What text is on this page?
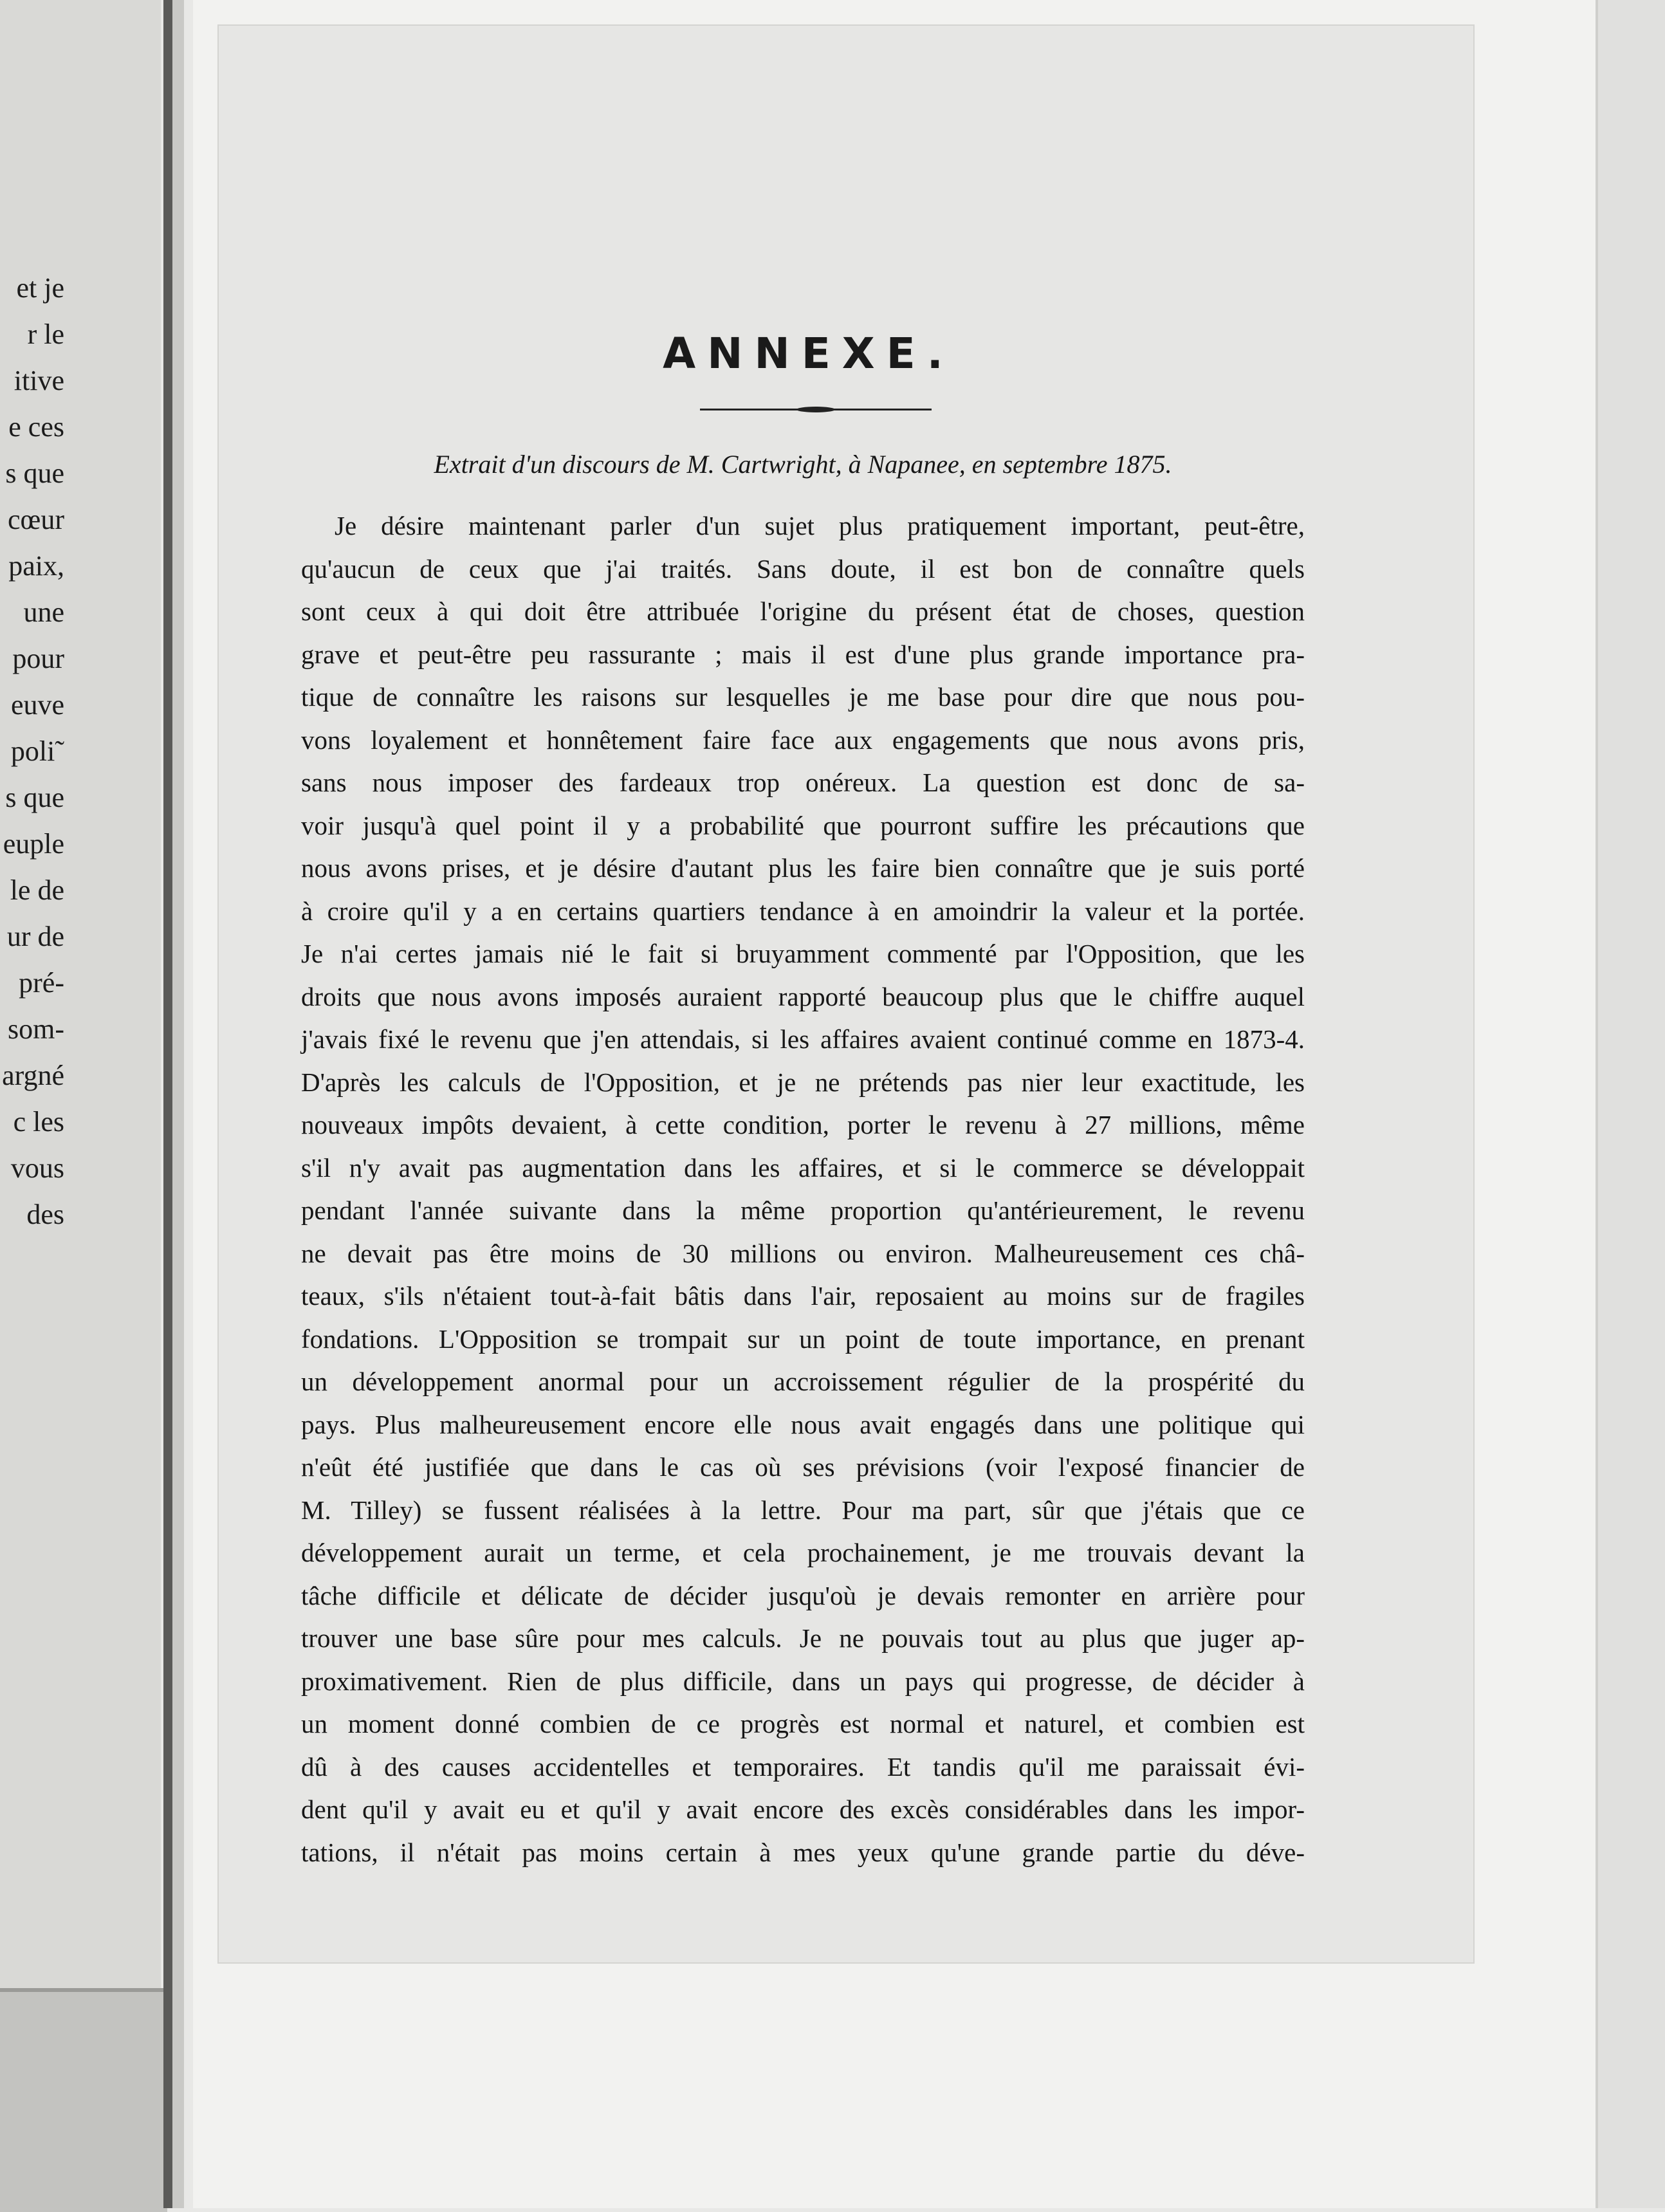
et je
r le
itive
e ces
s que
cœur
paix,
une
pour
euve
poli˜
s que
euple
le de
ur de
pré-
som-
argné
c les
vous
des
ANNEXE.
Extrait d'un discours de M. Cartwright, à Napanee, en septembre 1875.
Je désire maintenant parler d'un sujet plus pratiquement important, peut-être,
qu'aucun de ceux que j'ai traités. Sans doute, il est bon de connaître quels
sont ceux à qui doit être attribuée l'origine du présent état de choses, question
grave et peut-être peu rassurante ; mais il est d'une plus grande importance pra-
tique de connaître les raisons sur lesquelles je me base pour dire que nous pou-
vons loyalement et honnêtement faire face aux engagements que nous avons pris,
sans nous imposer des fardeaux trop onéreux. La question est donc de sa-
voir jusqu'à quel point il y a probabilité que pourront suffire les précautions que
nous avons prises, et je désire d'autant plus les faire bien connaître que je suis porté
à croire qu'il y a en certains quartiers tendance à en amoindrir la valeur et la portée.
Je n'ai certes jamais nié le fait si bruyamment commenté par l'Opposition, que les
droits que nous avons imposés auraient rapporté beaucoup plus que le chiffre auquel
j'avais fixé le revenu que j'en attendais, si les affaires avaient continué comme en 1873-4.
D'après les calculs de l'Opposition, et je ne prétends pas nier leur exactitude, les
nouveaux impôts devaient, à cette condition, porter le revenu à 27 millions, même
s'il n'y avait pas augmentation dans les affaires, et si le commerce se développait
pendant l'année suivante dans la même proportion qu'antérieurement, le revenu
ne devait pas être moins de 30 millions ou environ. Malheureusement ces châ-
teaux, s'ils n'étaient tout-à-fait bâtis dans l'air, reposaient au moins sur de fragiles
fondations. L'Opposition se trompait sur un point de toute importance, en prenant
un développement anormal pour un accroissement régulier de la prospérité du
pays. Plus malheureusement encore elle nous avait engagés dans une politique qui
n'eût été justifiée que dans le cas où ses prévisions (voir l'exposé financier de
M. Tilley) se fussent réalisées à la lettre. Pour ma part, sûr que j'étais que ce
développement aurait un terme, et cela prochainement, je me trouvais devant la
tâche difficile et délicate de décider jusqu'où je devais remonter en arrière pour
trouver une base sûre pour mes calculs. Je ne pouvais tout au plus que juger ap-
proximativement. Rien de plus difficile, dans un pays qui progresse, de décider à
un moment donné combien de ce progrès est normal et naturel, et combien est
dû à des causes accidentelles et temporaires. Et tandis qu'il me paraissait évi-
dent qu'il y avait eu et qu'il y avait encore des excès considérables dans les impor-
tations, il n'était pas moins certain à mes yeux qu'une grande partie du déve-
